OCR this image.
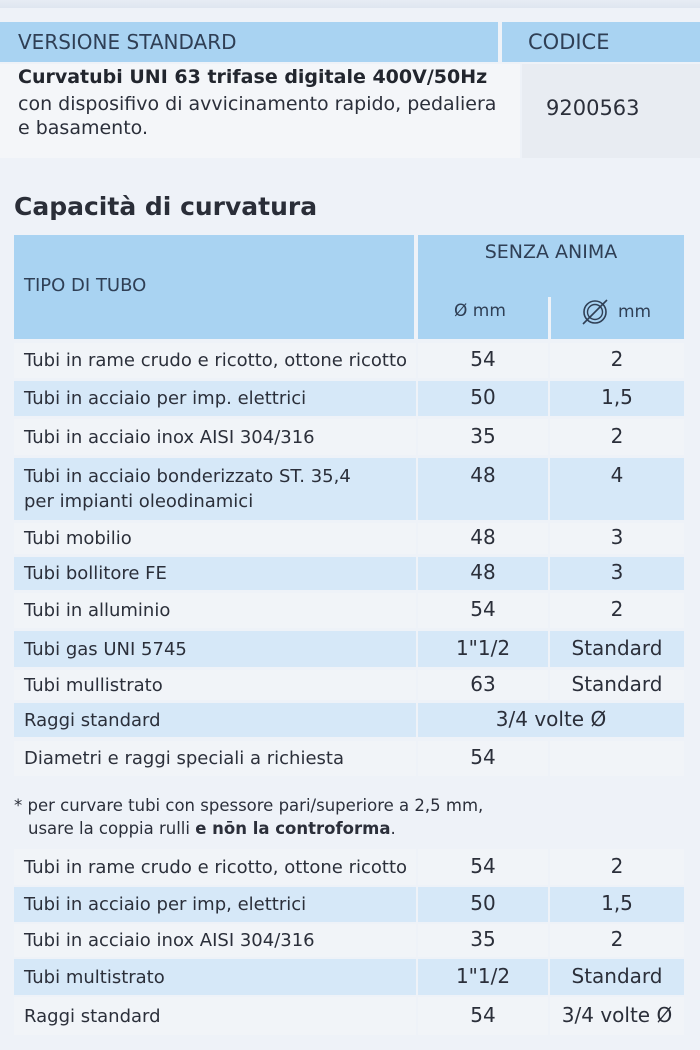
VERSIONE STANDARD	CODICE
Curvatubi UNI 63 trifase digitale 400V/50Hz
con disposifivo di avvicinamento rapido, pedaliera e basamento.
9200563
Capacità di curvatura
TIPO DI TUBO
SENZA ANIMA
Ø mm	mm
Tubi in rame crudo e ricotto, ottone ricotto	54	2
Tubi in acciaio per imp. elettrici	50	1,5
Tubi in acciaio inox AISI 304/316	35	2
Tubi in acciaio bonderizzato ST. 35,4
per impianti oleodinamici
48	4
Tubi mobilio	48	3
Tubi bollitore FE	48	3
Tubi in alluminio	54	2
Tubi gas UNI 5745	1"1/2	Standard
Tubi mullistrato	63	Standard
Raggi standard	3/4 volte Ø
Diametri e raggi speciali a richiesta	54
* per curvare tubi con spessore pari/superiore a 2,5 mm,
usare la coppia rulli e nōn la controforma.
Tubi in rame crudo e ricotto, ottone ricotto	54	2
Tubi in acciaio per imp, elettrici	50	1,5
Tubi in acciaio inox AISI 304/316	35	2
Tubi multistrato	1"1/2	Standard
Raggi standard	54	3/4 volte Ø
